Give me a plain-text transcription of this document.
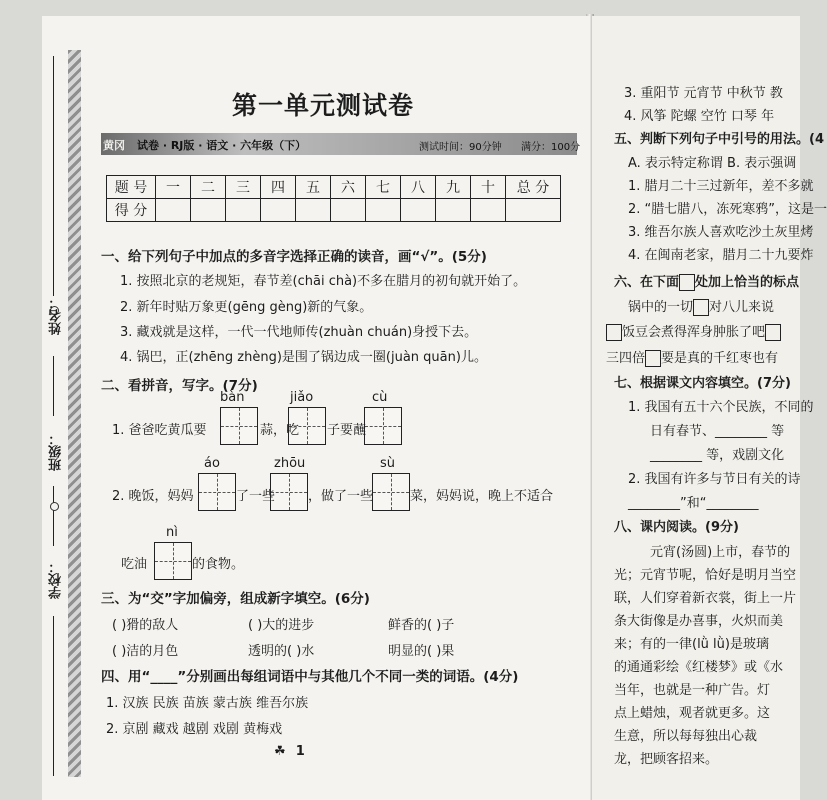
姓名：
班级：
学校：
第一单元测试卷
黄冈 试卷 · RJ版 · 语文 · 六年级（下）	测试时间：90分钟 满分：100分
题 号	一	二	三	四	五	六	七	八	九	十	总 分
得 分											
一、给下列句子中加点的多音字选择正确的读音，画“√”。(5分)
1. 按照北京的老规矩，春节差(chāi chà)不多在腊月的初旬就开始了。
2. 新年时贴万象更(gēng gèng)新的气象。
3. 藏戏就是这样，一代一代地师传(zhuàn chuán)身授下去。
4. 锅巴，正(zhēng zhèng)是围了锅边成一圈(juàn quān)儿。
二、看拼音，写字。(7分)
bàn	jiǎo	cù
1. 爸爸吃黄瓜要	蒜，吃 子要蘸
áo	zhōu	sù
2. 晚饭，妈妈	了一些	，做了一些	菜，妈妈说，晚上不适合
nì
吃油	的食物。
三、为“交”字加偏旁，组成新字填空。(6分)
( )猾的敌人	( )大的进步	鲜香的( )子
( )洁的月色	透明的( )水	明显的( )果
四、用“____”分别画出每组词语中与其他几个不同一类的词语。(4分)
1. 汉族 民族 苗族 蒙古族 维吾尔族
2. 京剧 藏戏 越剧 戏剧 黄梅戏
☘ 1
3. 重阳节 元宵节 中秋节 教
4. 风筝 陀螺 空竹 口琴 年
五、判断下列句子中引号的用法。(4
A. 表示特定称谓 B. 表示强调
1. 腊月二十三过新年，差不多就
2. “腊七腊八，冻死寒鸦”，这是一
3. 维吾尔族人喜欢吃沙土灰里烤
4. 在闽南老家，腊月二十九要炸
六、在下面 处加上恰当的标点
锅中的一切 对八儿来说
饭豆会煮得浑身肿胀了吧
三四倍 要是真的千红枣也有
七、根据课文内容填空。(7分)
1. 我国有五十六个民族，不同的
日有春节、________ 等
________ 等，戏剧文化
2. 我国有许多与节日有关的诗
________”和“________
八、课内阅读。(9分)
元宵(汤圆)上市，春节的
光；元宵节呢，恰好是明月当空
联，人们穿着新衣裳，街上一片
条大街像是办喜事，火炽而美
来；有的一律(lǜ lǜ)是玻璃
的通通彩绘《红楼梦》或《水
当年，也就是一种广告。灯
点上蜡烛，观者就更多。这
生意，所以每每独出心裁
龙，把顾客招来。
